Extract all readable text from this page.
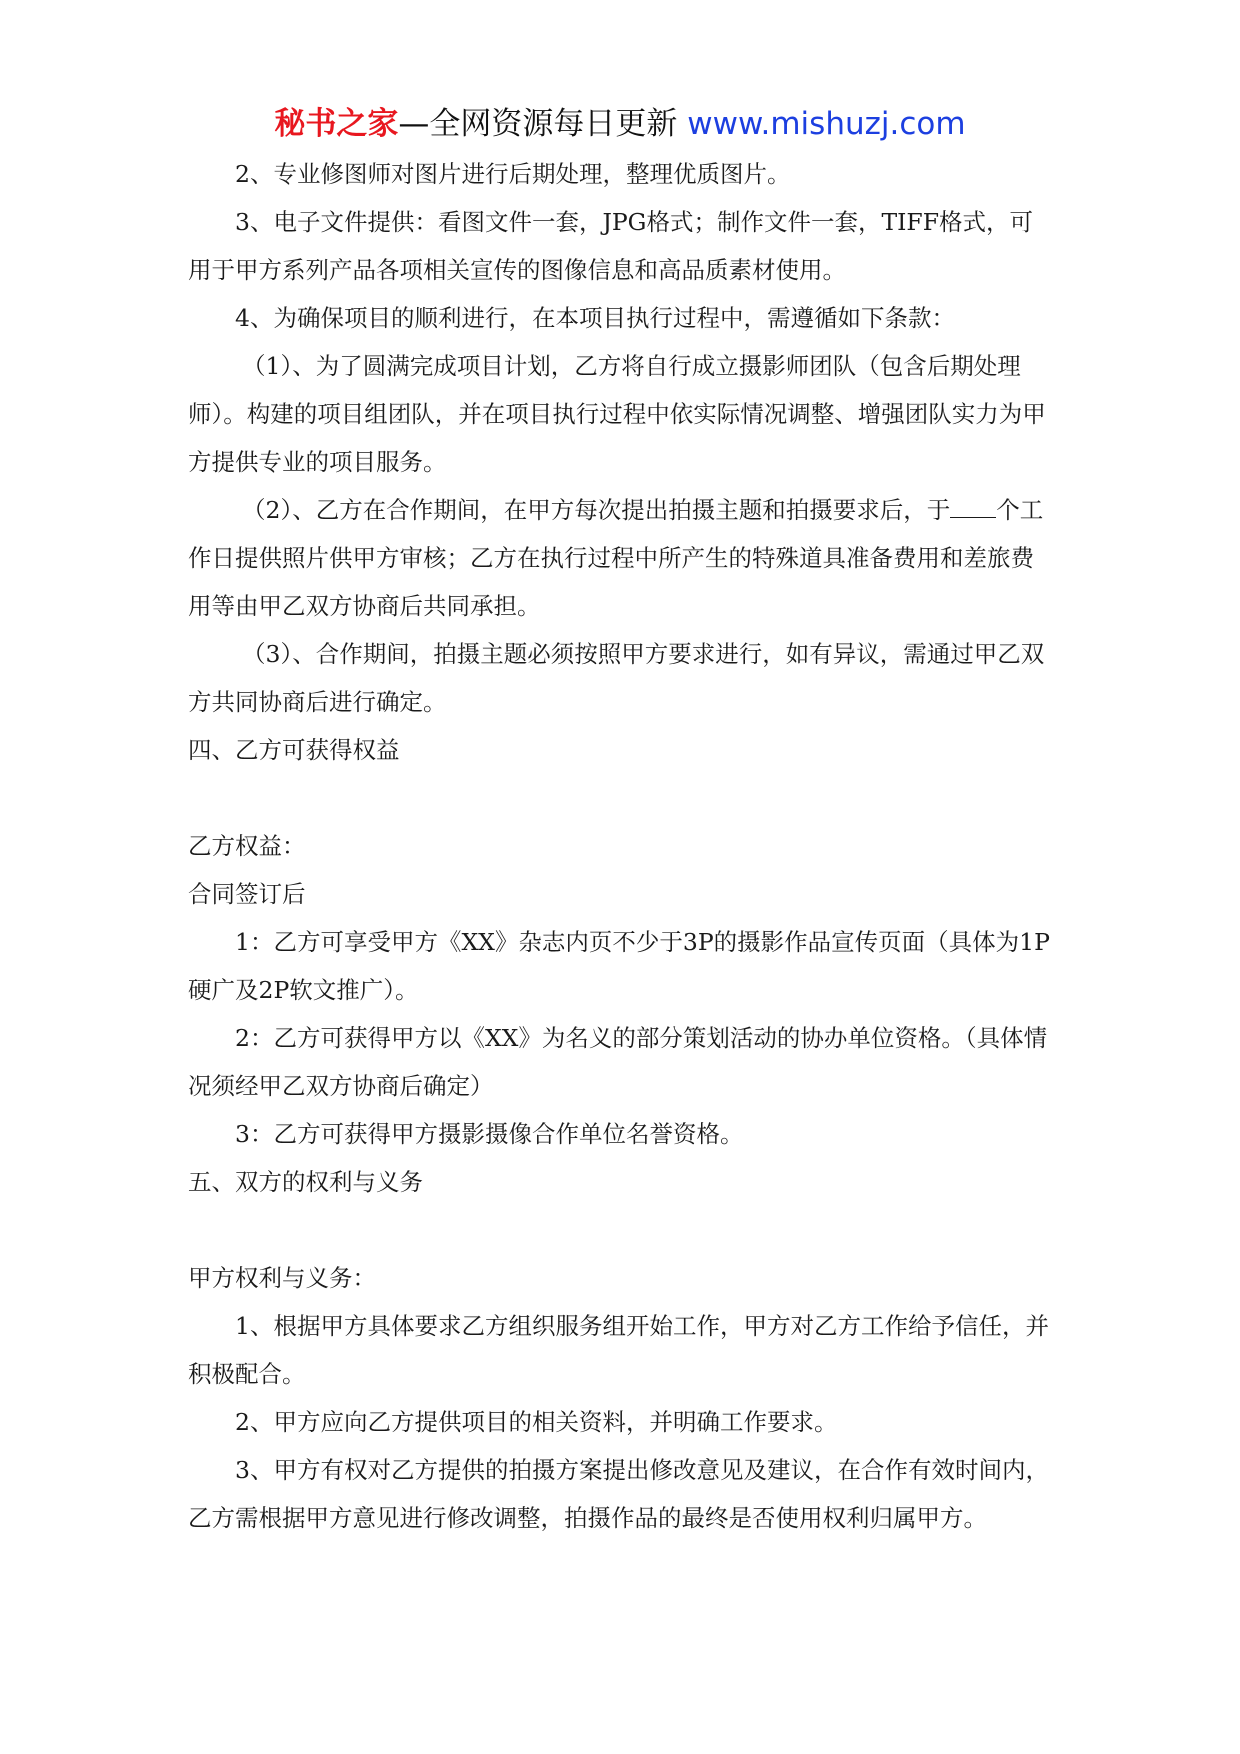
秘书之家—全网资源每日更新 www.mishuzj.com

2、专业修图师对图片进行后期处理，整理优质图片。

3、电子文件提供：看图文件一套，JPG格式；制作文件一套，TIFF格式，可用于甲方系列产品各项相关宣传的图像信息和高品质素材使用。

4、为确保项目的顺利进行，在本项目执行过程中，需遵循如下条款：

（1）、为了圆满完成项目计划，乙方将自行成立摄影师团队（包含后期处理师）。构建的项目组团队，并在项目执行过程中依实际情况调整、增强团队实力为甲方提供专业的项目服务。

（2）、乙方在合作期间，在甲方每次提出拍摄主题和拍摄要求后，于 个工作日提供照片供甲方审核；乙方在执行过程中所产生的特殊道具准备费用和差旅费用等由甲乙双方协商后共同承担。

（3）、合作期间，拍摄主题必须按照甲方要求进行，如有异议，需通过甲乙双方共同协商后进行确定。

四、乙方可获得权益

乙方权益：

合同签订后

1：乙方可享受甲方《XX》杂志内页不少于3P的摄影作品宣传页面（具体为1P硬广及2P软文推广）。

2：乙方可获得甲方以《XX》为名义的部分策划活动的协办单位资格。（具体情况须经甲乙双方协商后确定）

3：乙方可获得甲方摄影摄像合作单位名誉资格。

五、双方的权利与义务

甲方权利与义务：

1、根据甲方具体要求乙方组织服务组开始工作，甲方对乙方工作给予信任，并积极配合。

2、甲方应向乙方提供项目的相关资料，并明确工作要求。

3、甲方有权对乙方提供的拍摄方案提出修改意见及建议，在合作有效时间内，乙方需根据甲方意见进行修改调整，拍摄作品的最终是否使用权利归属甲方。
